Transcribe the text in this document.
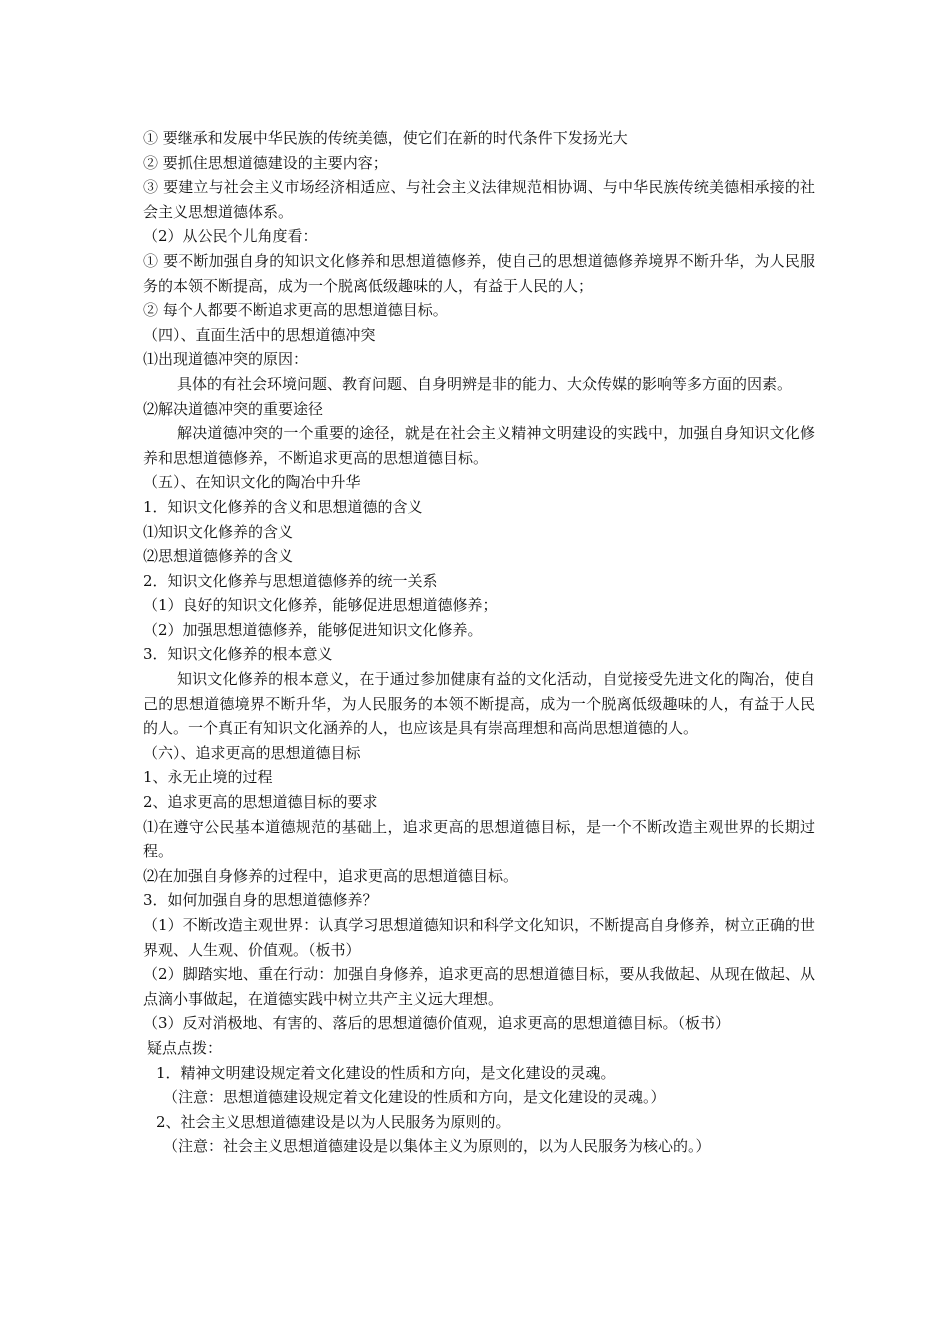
① 要继承和发展中华民族的传统美德，使它们在新的时代条件下发扬光大

② 要抓住思想道德建设的主要内容；

③ 要建立与社会主义市场经济相适应、与社会主义法律规范相协调、与中华民族传统美德相承接的社会主义思想道德体系。

（2）从公民个儿角度看：

① 要不断加强自身的知识文化修养和思想道德修养，使自己的思想道德修养境界不断升华，为人民服务的本领不断提高，成为一个脱离低级趣味的人，有益于人民的人；

② 每个人都要不断追求更高的思想道德目标。

（四）、直面生活中的思想道德冲突

⑴出现道德冲突的原因：

具体的有社会环境问题、教育问题、自身明辨是非的能力、大众传媒的影响等多方面的因素。

⑵解决道德冲突的重要途径

解决道德冲突的一个重要的途径，就是在社会主义精神文明建设的实践中，加强自身知识文化修养和思想道德修养，不断追求更高的思想道德目标。

（五）、在知识文化的陶冶中升华

1．知识文化修养的含义和思想道德的含义

⑴知识文化修养的含义

⑵思想道德修养的含义

2．知识文化修养与思想道德修养的统一关系

（1）良好的知识文化修养，能够促进思想道德修养；

（2）加强思想道德修养，能够促进知识文化修养。

3．知识文化修养的根本意义

知识文化修养的根本意义，在于通过参加健康有益的文化活动，自觉接受先进文化的陶冶，使自己的思想道德境界不断升华，为人民服务的本领不断提高，成为一个脱离低级趣味的人，有益于人民的人。一个真正有知识文化涵养的人，也应该是具有崇高理想和高尚思想道德的人。

（六）、追求更高的思想道德目标

1、永无止境的过程

2、追求更高的思想道德目标的要求

⑴在遵守公民基本道德规范的基础上，追求更高的思想道德目标，是一个不断改造主观世界的长期过程。

⑵在加强自身修养的过程中，追求更高的思想道德目标。

3．如何加强自身的思想道德修养？

（1）不断改造主观世界：认真学习思想道德知识和科学文化知识，不断提高自身修养，树立正确的世界观、人生观、价值观。（板书）

（2）脚踏实地、重在行动：加强自身修养，追求更高的思想道德目标，要从我做起、从现在做起、从点滴小事做起，在道德实践中树立共产主义远大理想。

（3）反对消极地、有害的、落后的思想道德价值观，追求更高的思想道德目标。（板书）

疑点点拨：

1．精神文明建设规定着文化建设的性质和方向，是文化建设的灵魂。

（注意：思想道德建设规定着文化建设的性质和方向，是文化建设的灵魂。）

2、社会主义思想道德建设是以为人民服务为原则的。

（注意：社会主义思想道德建设是以集体主义为原则的，以为人民服务为核心的。）
